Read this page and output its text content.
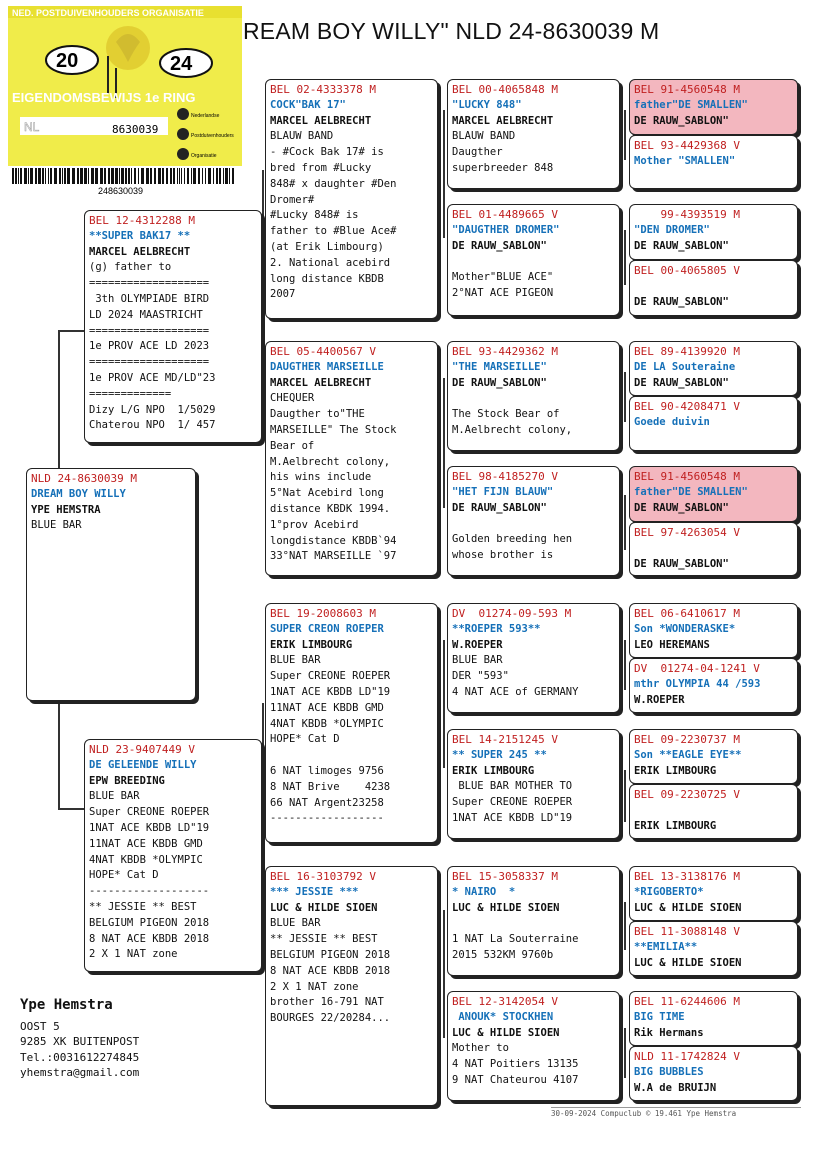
REAM BOY WILLY" NLD 24-8630039 M
NED. POSTDUIVENHOUDERS ORGANISATIE
20	24
EIGENDOMSBEWIJS 1e RING
NL	8630039
Nederlandse
Postduivenhouders
Organisatie
248630039
NLD 24-8630039 M
DREAM BOY WILLY
YPE HEMSTRA
BLUE BAR
BEL 12-4312288 M
**SUPER BAK17 **
MARCEL AELBRECHT
(g) father to
===================
3th OLYMPIADE BIRD
LD 2024 MAASTRICHT
===================
1e PROV ACE LD 2023
===================
1e PROV ACE MD/LD"23
=============
Dizy L/G NPO  1/5029
Chaterou NPO  1/ 457
NLD 23-9407449 V
DE GELEENDE WILLY
EPW BREEDING
BLUE BAR
Super CREONE ROEPER
1NAT ACE KBDB LD"19
11NAT ACE KBDB GMD
4NAT KBDB *OLYMPIC
HOPE* Cat D
-------------------
** JESSIE ** BEST
BELGIUM PIGEON 2018
8 NAT ACE KBDB 2018
2 X 1 NAT zone
BEL 02-4333378 M
COCK"BAK 17"
MARCEL AELBRECHT
BLAUW BAND
- #Cock Bak 17# is
bred from #Lucky
848# x daughter #Den
Dromer#
#Lucky 848# is
father to #Blue Ace#
(at Erik Limbourg)
2. National acebird
long distance KBDB
2007
BEL 05-4400567 V
DAUGTHER MARSEILLE
MARCEL AELBRECHT
CHEQUER
Daugther to"THE
MARSEILLE" The Stock
Bear of
M.Aelbrecht colony,
his wins include
5°Nat Acebird long
distance KBDK 1994.
1°prov Acebird
longdistance KBDB`94
33°NAT MARSEILLE `97
BEL 19-2008603 M
SUPER CREON ROEPER
ERIK LIMBOURG
BLUE BAR
Super CREONE ROEPER
1NAT ACE KBDB LD"19
11NAT ACE KBDB GMD
4NAT KBDB *OLYMPIC
HOPE* Cat D

6 NAT limoges 9756
8 NAT Brive    4238
66 NAT Argent23258
------------------
BEL 16-3103792 V
*** JESSIE ***
LUC & HILDE SIOEN
BLUE BAR
** JESSIE ** BEST
BELGIUM PIGEON 2018
8 NAT ACE KBDB 2018
2 X 1 NAT zone
brother 16-791 NAT
BOURGES 22/20284...
BEL 00-4065848 M
"LUCKY 848"
MARCEL AELBRECHT
BLAUW BAND
Daugther
superbreeder 848
BEL 01-4489665 V
"DAUGTHER DROMER"
DE RAUW_SABLON"

Mother"BLUE ACE"
2°NAT ACE PIGEON
BEL 93-4429362 M
"THE MARSEILLE"
DE RAUW_SABLON"

The Stock Bear of
M.Aelbrecht colony,
BEL 98-4185270 V
"HET FIJN BLAUW"
DE RAUW_SABLON"

Golden breeding hen
whose brother is
DV  01274-09-593 M
**ROEPER 593**
W.ROEPER
BLUE BAR
DER "593"
4 NAT ACE of GERMANY
BEL 14-2151245 V
** SUPER 245 **
ERIK LIMBOURG
BLUE BAR MOTHER TO
Super CREONE ROEPER
1NAT ACE KBDB LD"19
BEL 15-3058337 M
* NAIRO  *
LUC & HILDE SIOEN

1 NAT La Souterraine
2015 532KM 9760b
BEL 12-3142054 V
ANOUK* STOCKHEN
LUC & HILDE SIOEN
Mother to
4 NAT Poitiers 13135
9 NAT Chateurou 4107
BEL 91-4560548 M
father"DE SMALLEN"
DE RAUW_SABLON"
BEL 93-4429368 V
Mother "SMALLEN"
99-4393519 M
"DEN DROMER"
DE RAUW_SABLON"
BEL 00-4065805 V

DE RAUW_SABLON"
BEL 89-4139920 M
DE LA Souteraine
DE RAUW_SABLON"
BEL 90-4208471 V
Goede duivin
BEL 91-4560548 M
father"DE SMALLEN"
DE RAUW_SABLON"
BEL 97-4263054 V

DE RAUW_SABLON"
BEL 06-6410617 M
Son *WONDERASKE*
LEO HEREMANS
DV  01274-04-1241 V
mthr OLYMPIA 44 /593
W.ROEPER
BEL 09-2230737 M
Son **EAGLE EYE**
ERIK LIMBOURG
BEL 09-2230725 V

ERIK LIMBOURG
BEL 13-3138176 M
*RIGOBERTO*
LUC & HILDE SIOEN
BEL 11-3088148 V
**EMILIA**
LUC & HILDE SIOEN
BEL 11-6244606 M
BIG TIME
Rik Hermans
NLD 11-1742824 V
BIG BUBBLES
W.A de BRUIJN
Ype Hemstra
OOST 5
9285 XK BUITENPOST
Tel.:0031612274845
yhemstra@gmail.com
30-09-2024 Compuclub © 19.461 Ype Hemstra
